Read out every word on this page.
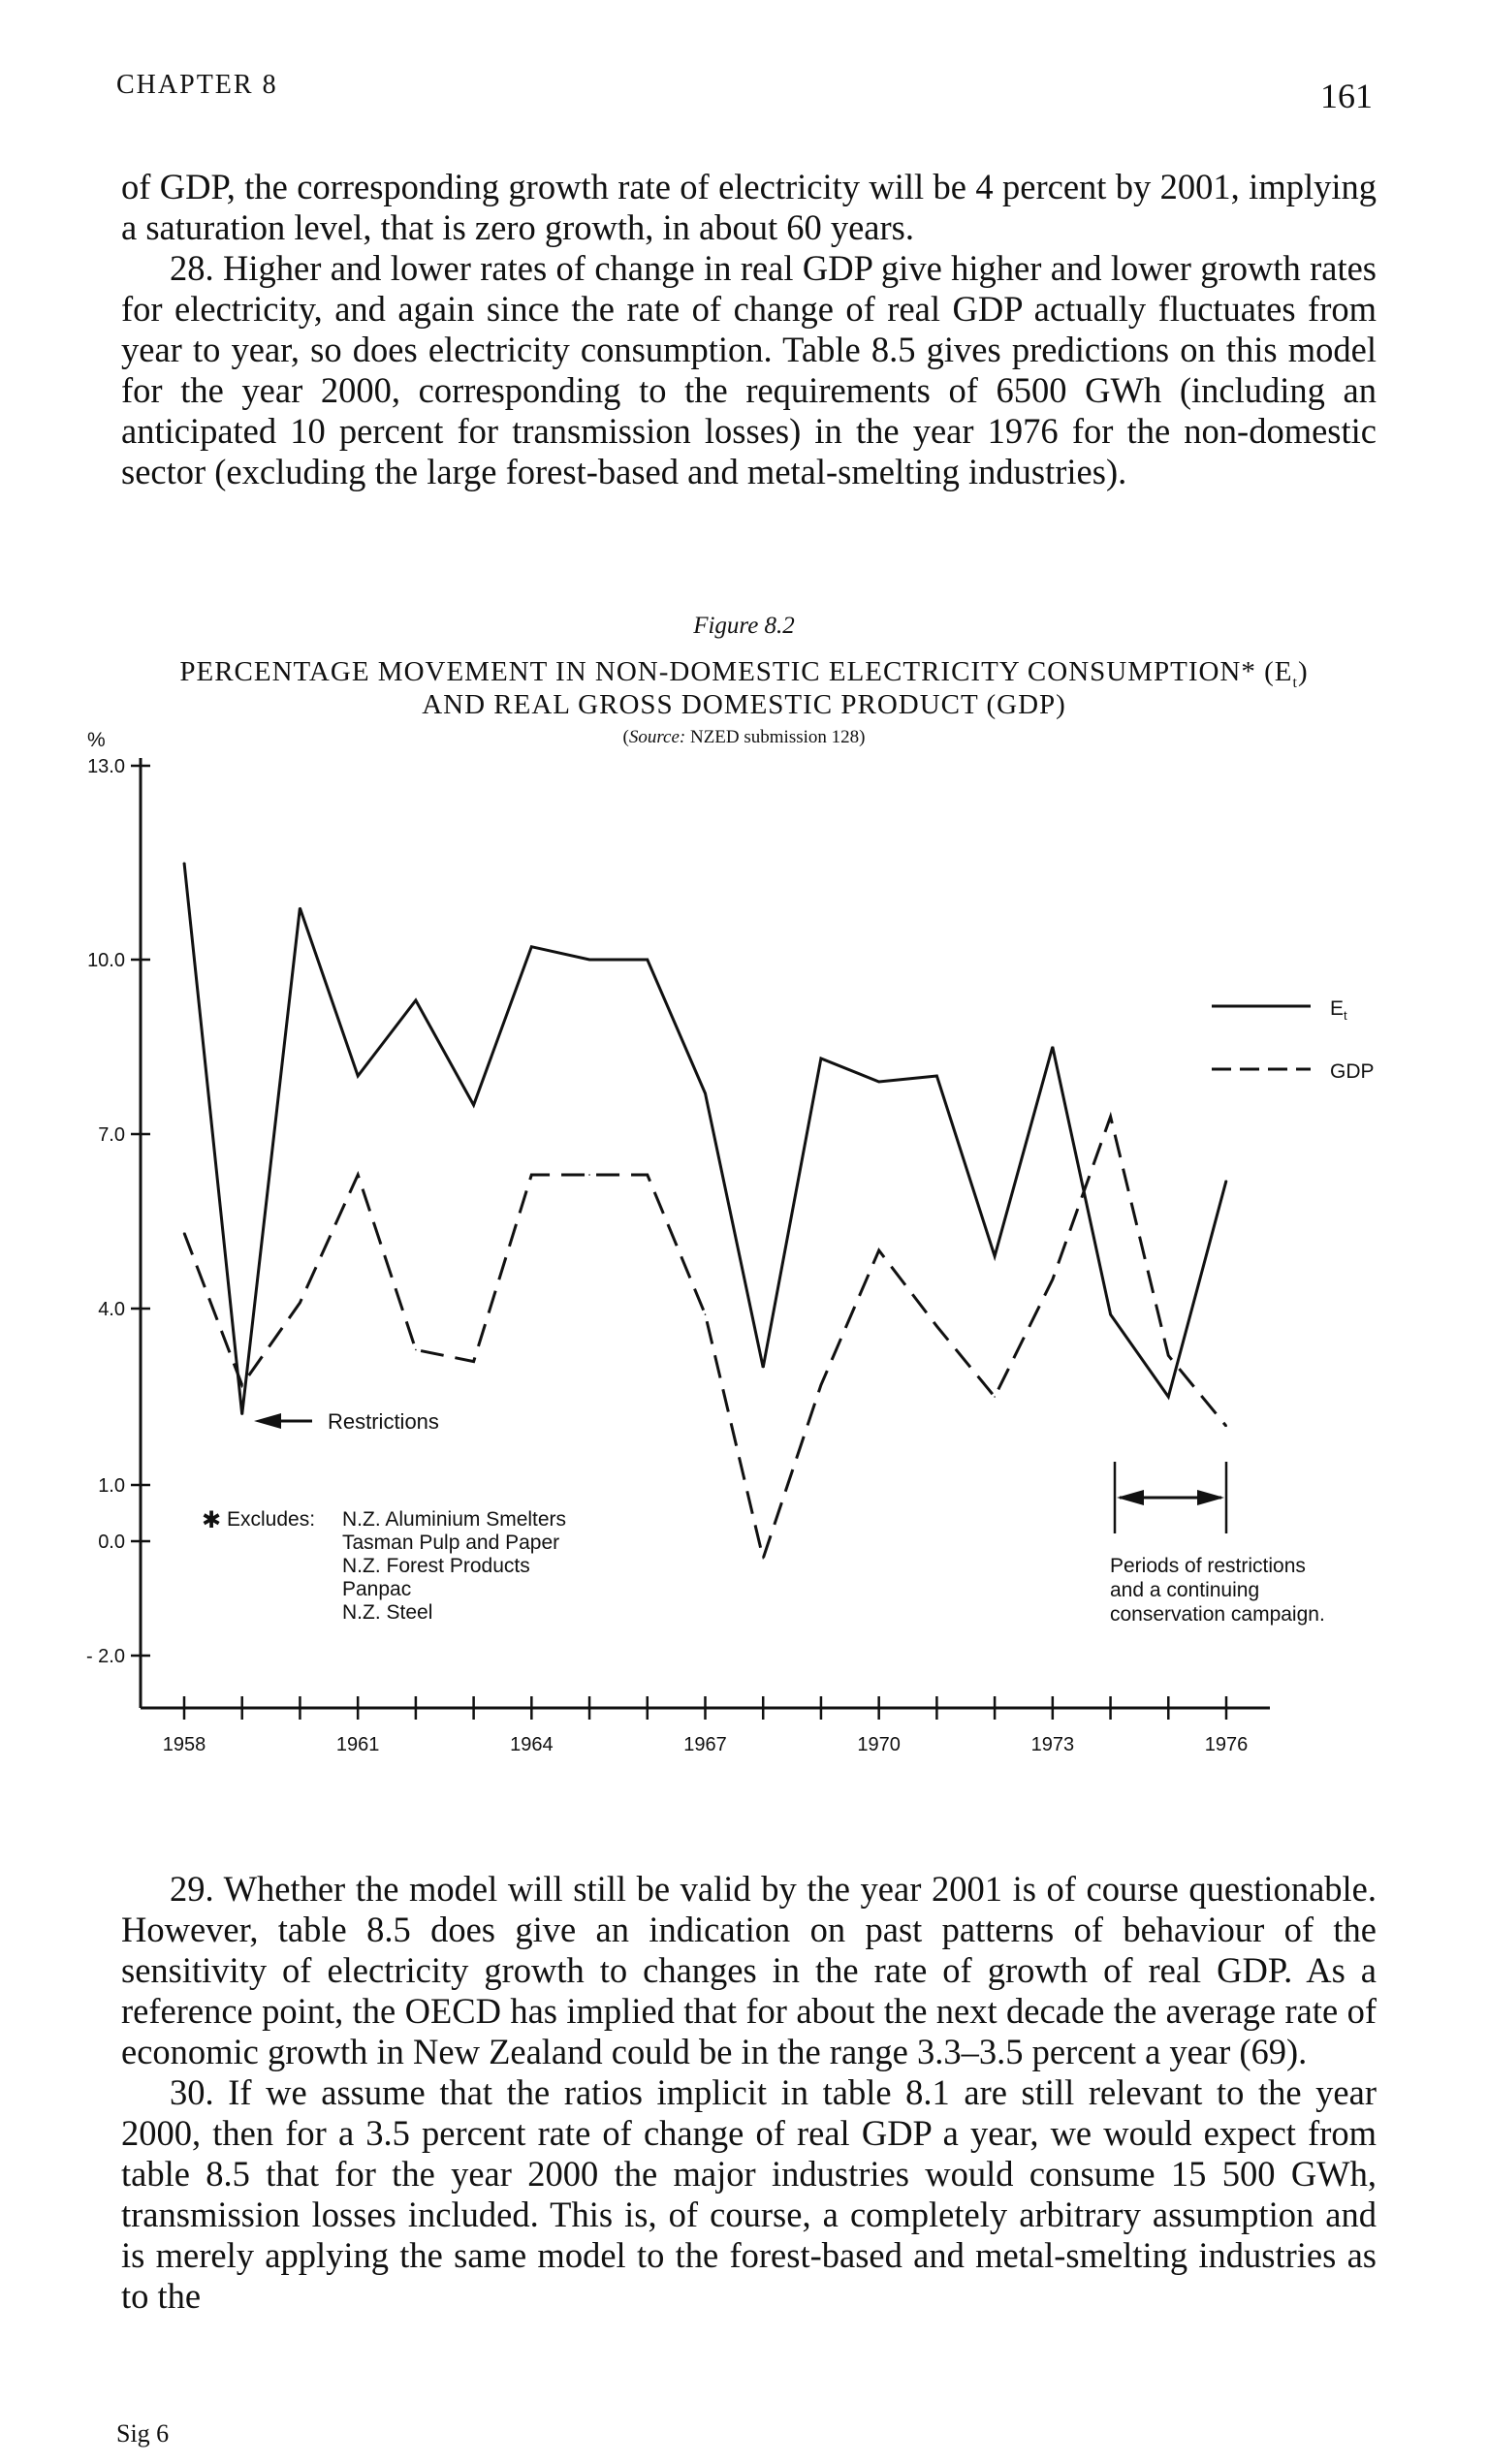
CHAPTER 8	161

of GDP, the corresponding growth rate of electricity will be 4 percent by 2001, implying a saturation level, that is zero growth, in about 60 years.

28. Higher and lower rates of change in real GDP give higher and lower growth rates for electricity, and again since the rate of change of real GDP actually fluctuates from year to year, so does electricity consumption. Table 8.5 gives predictions on this model for the year 2000, corresponding to the requirements of 6500 GWh (including an anticipated 10 percent for transmission losses) in the year 1976 for the non-domestic sector (excluding the large forest-based and metal-smelting industries).

Figure 8.2
PERCENTAGE MOVEMENT IN NON-DOMESTIC ELECTRICITY CONSUMPTION* $(E_t)$
AND REAL GROSS DOMESTIC PRODUCT (GDP)
(Source: NZED submission 128)
%
13.0
10.0
7.0
4.0
1.0
0.0
- 2.0
1958	1961	1964	1967	1970	1973	1976
$E_t$
GDP
Restrictions
✱ Excludes: N.Z. Aluminium Smelters
Tasman Pulp and Paper
N.Z. Forest Products
Panpac
N.Z. Steel
Periods of restrictions
and a continuing
conservation campaign.

29. Whether the model will still be valid by the year 2001 is of course questionable. However, table 8.5 does give an indication on past patterns of behaviour of the sensitivity of electricity growth to changes in the rate of growth of real GDP. As a reference point, the OECD has implied that for about the next decade the average rate of economic growth in New Zealand could be in the range 3.3–3.5 percent a year (69).

30. If we assume that the ratios implicit in table 8.1 are still relevant to the year 2000, then for a 3.5 percent rate of change of real GDP a year, we would expect from table 8.5 that for the year 2000 the major industries would consume 15 500 GWh, transmission losses included. This is, of course, a completely arbitrary assumption and is merely applying the same model to the forest-based and metal-smelting industries as to the

Sig 6
